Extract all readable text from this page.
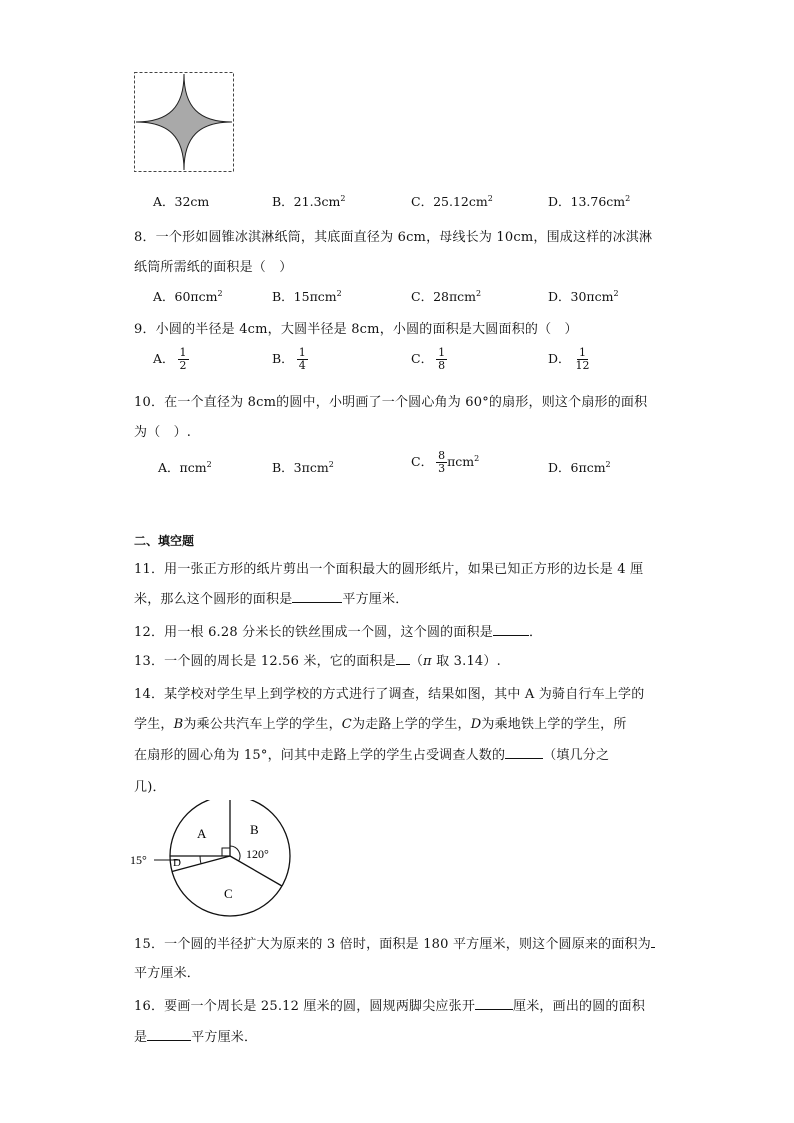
A．32cm	B．$21.3cm^2$	C．$25.12cm^2$	D．$13.76cm^2$
8．一个形如圆锥冰淇淋纸筒，其底面直径为 6cm，母线长为 10cm，围成这样的冰淇淋
纸筒所需纸的面积是（　）
A．60πcm$^2$	B．15πcm$^2$	C．28πcm$^2$	D．30πcm$^2$
9．小圆的半径是 4cm，大圆半径是 8cm，小圆的面积是大圆面积的（　）
A． $\frac{1}{2}$	B． $\frac{1}{4}$	C． $\frac{1}{8}$	D． $\frac{1}{12}$
10．在一个直径为 8cm的圆中，小明画了一个圆心角为 60°的扇形，则这个扇形的面积
为（　）.
A．πcm$^2$	B．3πcm$^2$	C． $\frac{8}{3} \pi cm^2$
D．6πcm$^2$
二、填空题
11．用一张正方形的纸片剪出一个面积最大的圆形纸片，如果已知正方形的边长是 4 厘
米，那么这个圆形的面积是	平方厘米．
12．用一根 6.28 分米长的铁丝围成一个圆，这个圆的面积是	．
13．一个圆的周长是 12.56 米，它的面积是 （π 取 3.14）.
14．某学校对学生早上到学校的方式进行了调查，结果如图，其中 A 为骑自行车上学的
学生，B为乘公共汽车上学的学生，C为走路上学的学生，D为乘地铁上学的学生，所
在扇形的圆心角为 15°，问其中走路上学的学生占受调查人数的	（填几分之
几)．
A	B
120°
C
D
15°
15．一个圆的半径扩大为原来的 3 倍时，面积是 180 平方厘米，则这个圆原来的面积为
平方厘米．
16．要画一个周长是 25.12 厘米的圆，圆规两脚尖应张开	厘米，画出的圆的面积
是	平方厘米．
